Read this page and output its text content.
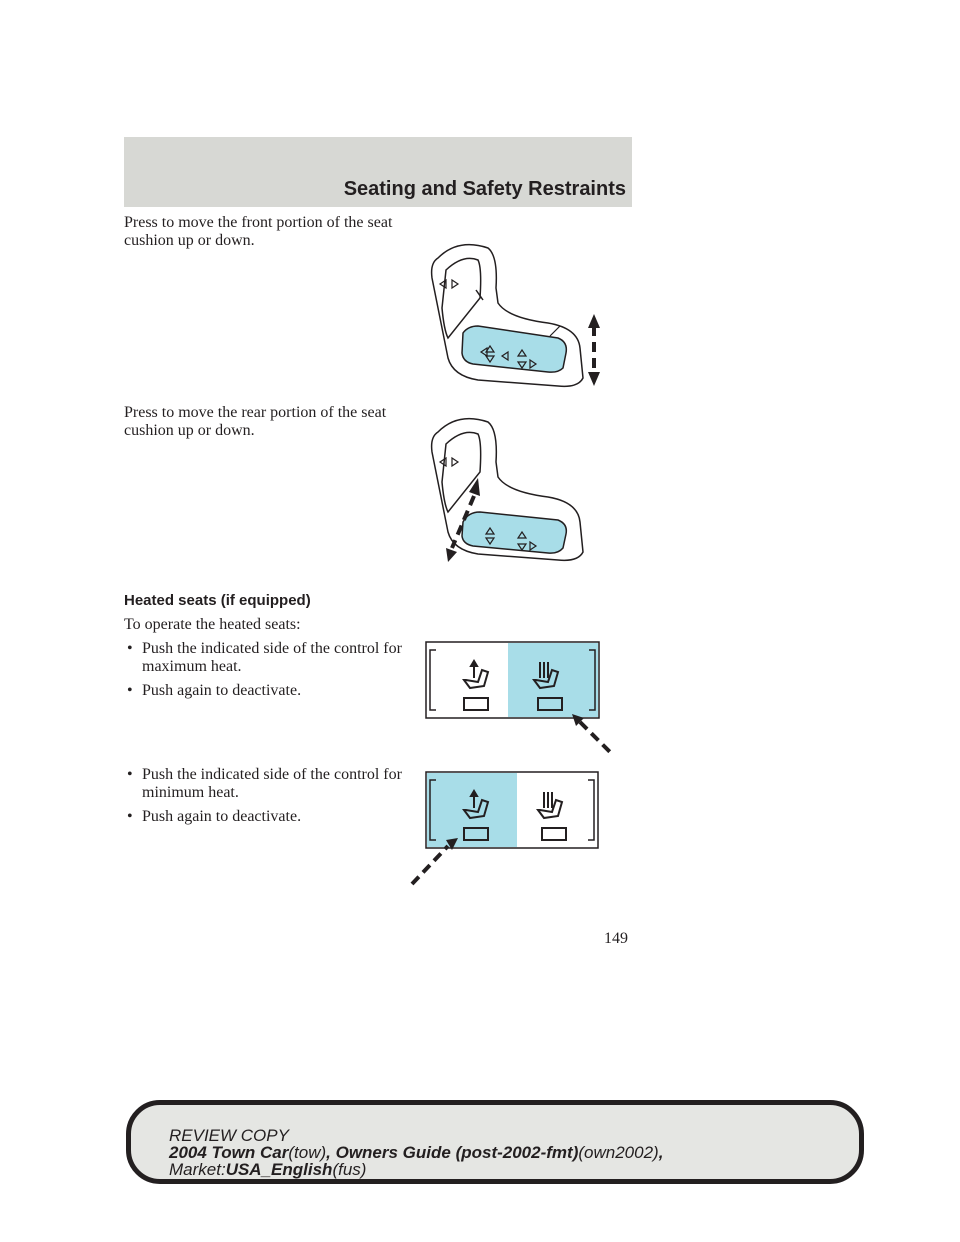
Seating and Safety Restraints

Press to move the front portion of the seat cushion up or down.

Press to move the rear portion of the seat cushion up or down.

Heated seats (if equipped)

To operate the heated seats:

• Push the indicated side of the control for maximum heat.
• Push again to deactivate.
• Push the indicated side of the control for minimum heat.
• Push again to deactivate.

149

REVIEW COPY
2004 Town Car(tow), Owners Guide (post-2002-fmt)(own2002),
Market:USA_English(fus)
